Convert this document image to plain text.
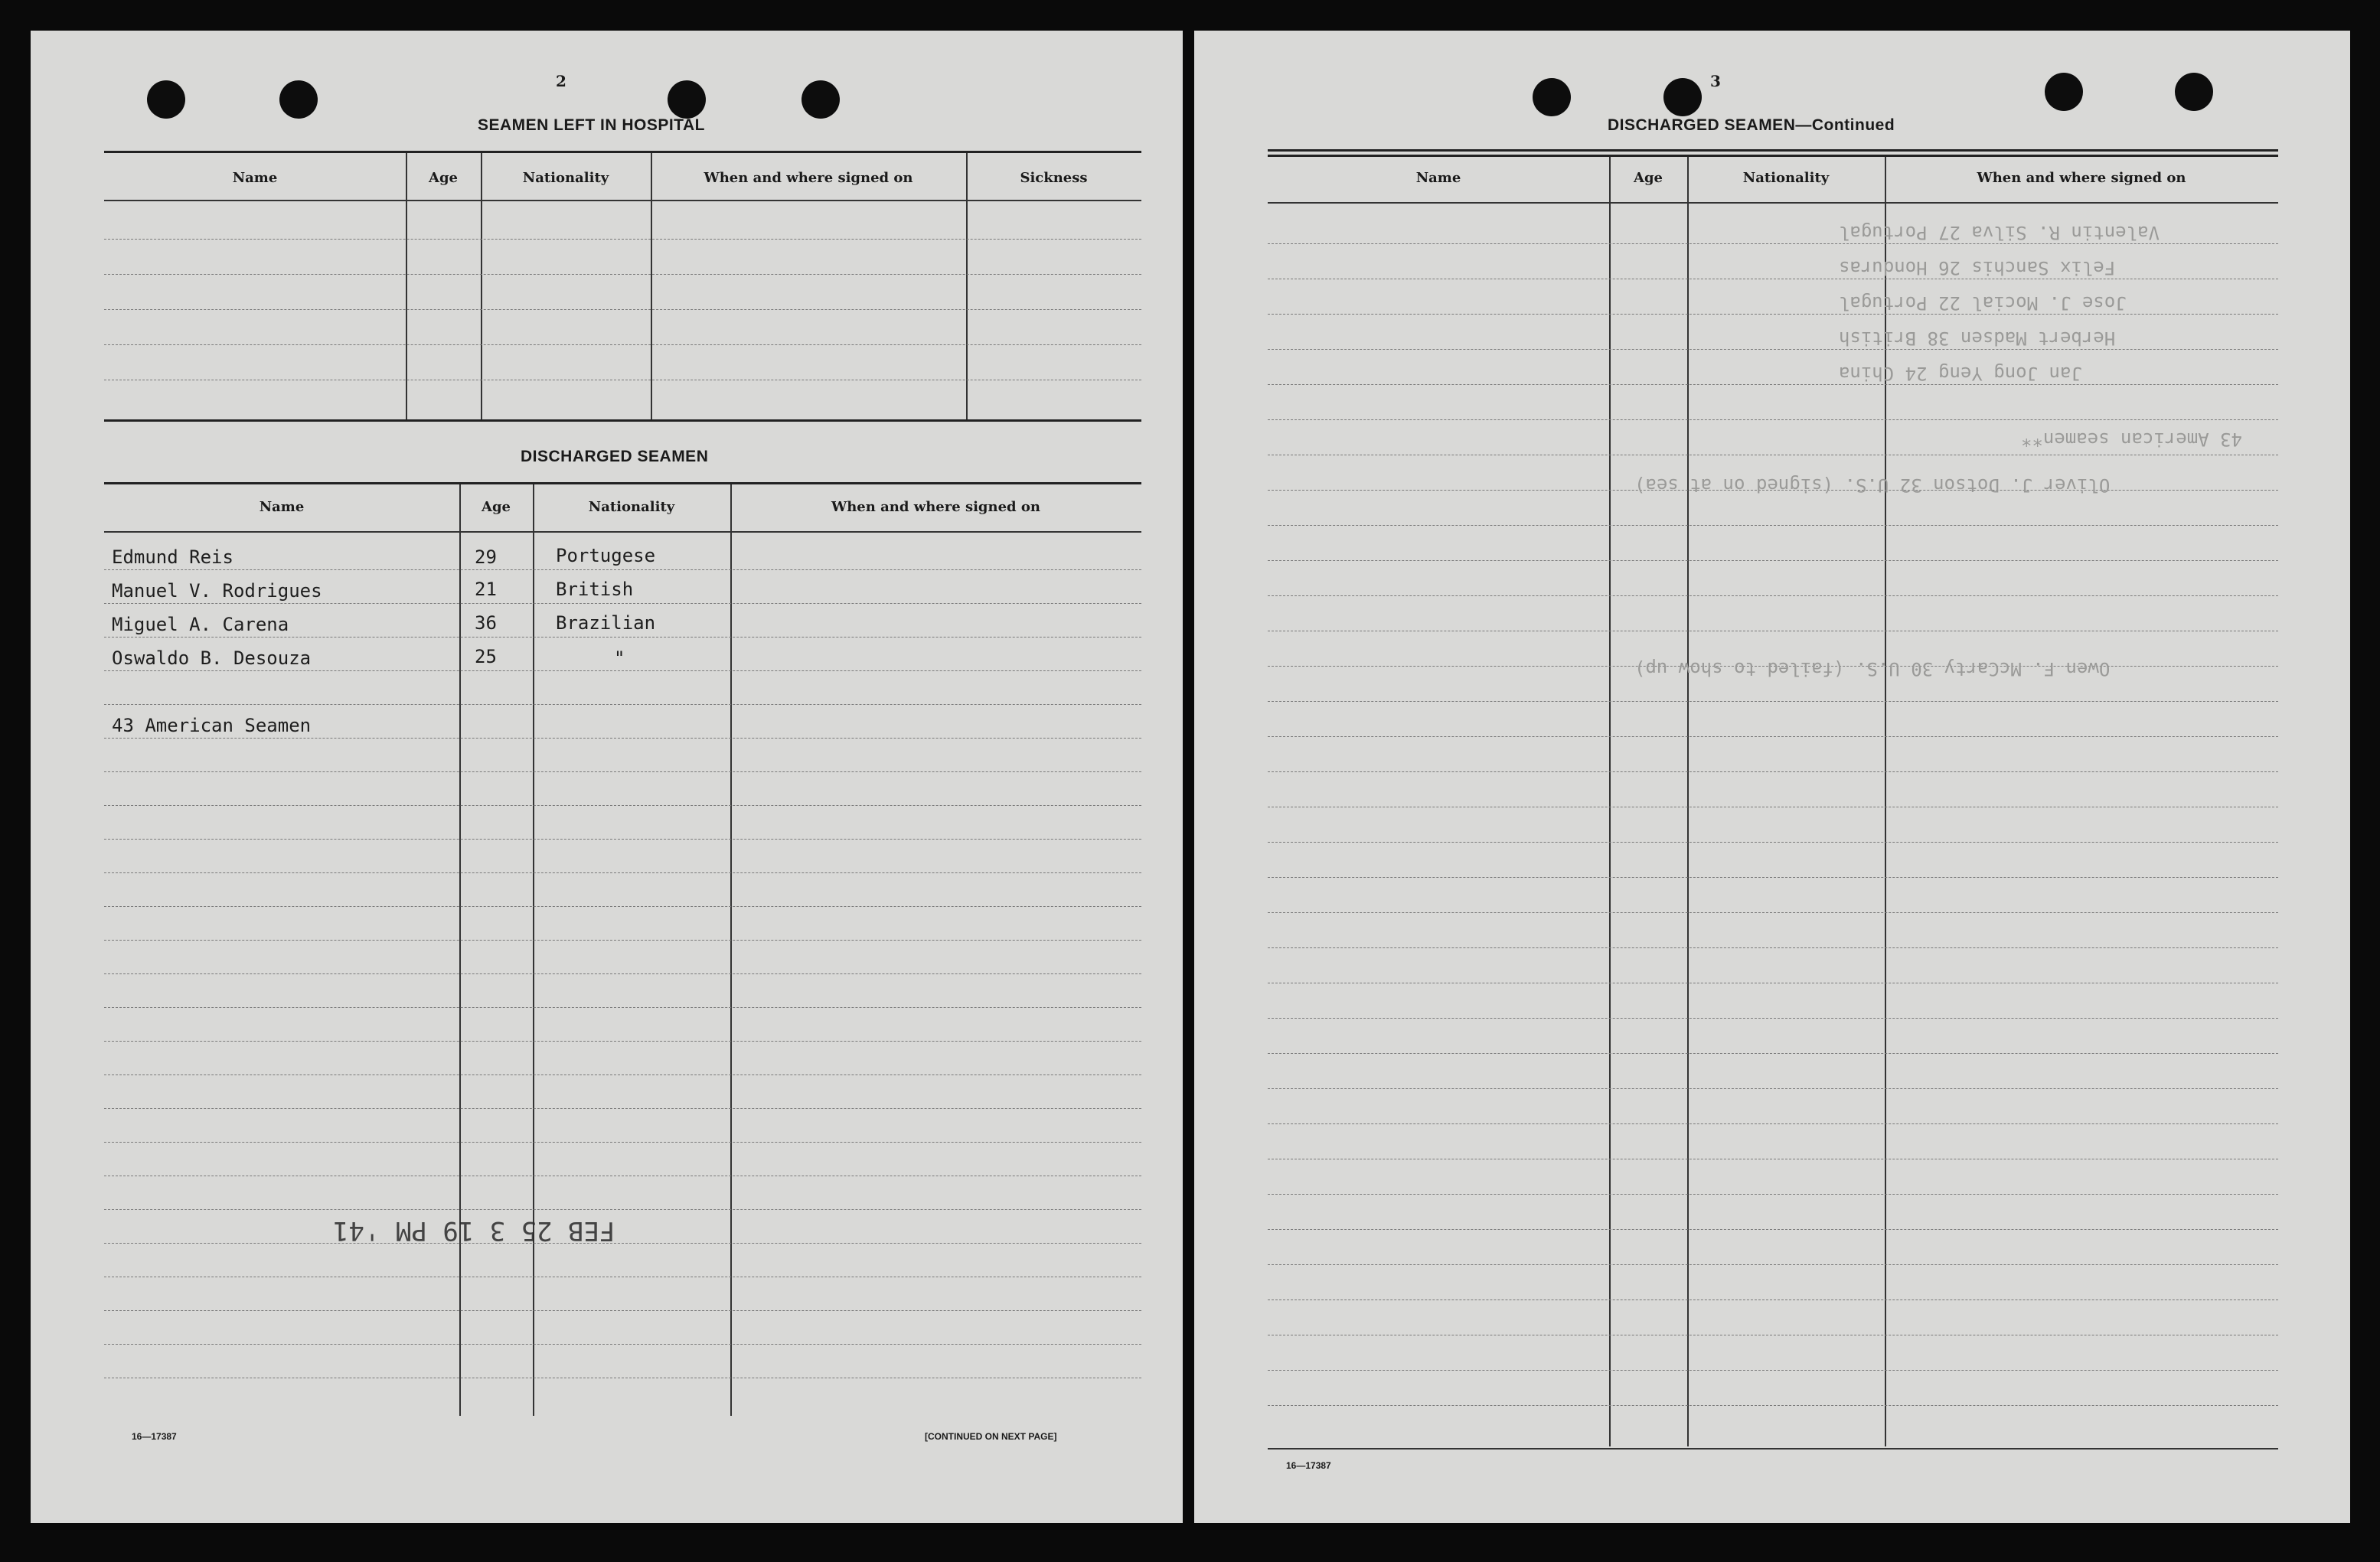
2
SEAMEN LEFT IN HOSPITAL
Name	Age	Nationality	When and where signed on	Sickness
DISCHARGED SEAMEN
Name	Age	Nationality	When and where signed on
Edmund Reis	29	Portugese
Manuel V. Rodrigues	21	British
Miguel A. Carena	36	Brazilian
Oswaldo B. Desouza	25	"
43 American Seamen
FEB 25 3 19 PM '41
16—17387	[CONTINUED ON NEXT PAGE]
3
DISCHARGED SEAMEN—Continued
Name	Age	Nationality	When and where signed on
Valentin R. Silva 27 Portugal
Felix Sanchis 26 Honduras
Jose J. Mocial 22 Portugal
Herbert Madsen 38 British
Jan Jong Yeng 24 China
43 American seamen**
Oliver J. Dotson 32 U.S. (signed on at sea)
Owen F. McCarty 30 U.S. (failed to show up)
16—17387
